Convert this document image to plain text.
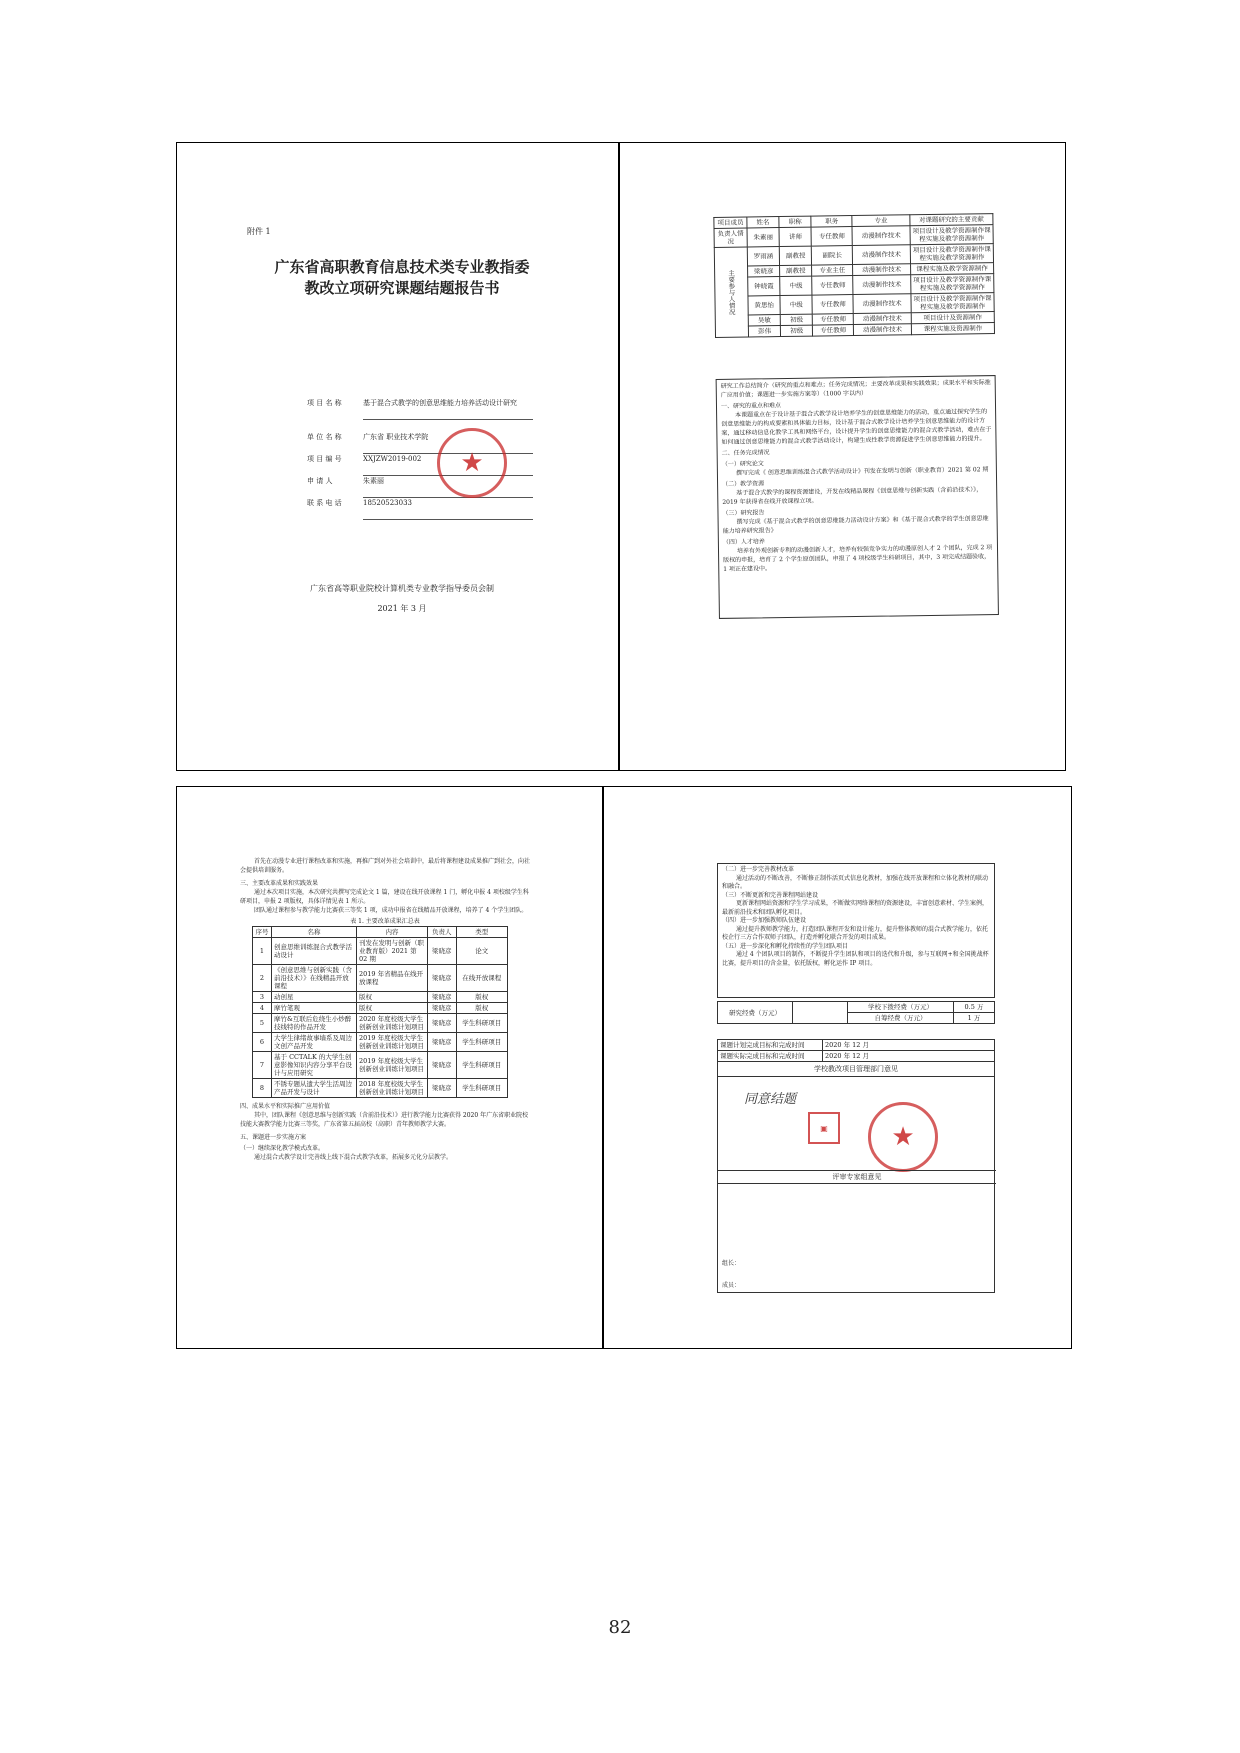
附件 1
广东省高职教育信息技术类专业教指委
教改立项研究课题结题报告书
项 目 名 称	基于混合式教学的创意思维能力培养活动设计研究
单 位 名 称	广东省 职业技术学院
项 目 编 号	XXJZW2019-002
申 请 人	朱素丽
联 系 电 话	18520523033
★
广东省高等职业院校计算机类专业教学指导委员会制
2021 年 3 月
项目成员	姓名	职称	职务	专业	对课题研究的主要贡献
负责人情况	朱素丽	讲师	专任教师	动漫制作技术	项目设计及教学资源制作课程实施及教学资源制作
主要参与人情况	罗雨涵	副教授	副院长	动漫制作技术	项目设计及教学资源制作课程实施及教学资源制作
	梁晓彦	副教授	专业主任	动漫制作技术	课程实施及教学资源制作
	钟晓霞	中级	专任教师	动漫制作技术	项目设计及教学资源制作课程实施及教学资源制作
	黄思怡	中级	专任教师	动漫制作技术	项目设计及教学资源制作课程实施及教学资源制作
	吴敏	初级	专任教师	动漫制作技术	项目设计及资源制作
	彭伟	初级	专任教师	动漫制作技术	课程实施及资源制作

研究工作总结简介（研究的重点和难点；任务完成情况；主要改革成果和实践效果；成果水平和实际推广应用价值；课题进一步实施方案等）（1000 字以内）

一、研究的重点和难点

本课题重点在于设计基于混合式教学设计培养学生的创意思维能力的活动，重点通过探究学生的创意思维能力的构成要素和具体能力目标，设计基于混合式教学设计培养学生创意思维能力的设计方案，通过移动信息化教学工具和网络平台，设计提升学生的创意思维能力的混合式教学活动，难点在于如何通过创意思维能力的混合式教学活动设计，构建生成性教学资源促进学生创意思维能力的提升。

二、任务完成情况

（一）研究论文

撰写完成《 创意思维训练混合式教学活动设计》刊发在发明与创新（职业教育）2021 第 02 期

（二）教学资源

基于混合式教学的课程资源建设，开发在线精品课程《创意思维与创新实践（含前沿技术）》，2019 年获得省在线开放课程立项。

（三）研究报告

撰写完成《基于混合式教学的创意思维能力活动设计方案》和《基于混合式教学的学生创意思维能力培养研究报告》

（四）人才培养

培养有外观创新专利的动漫创新人才，培养有较强竞争实力的动漫原创人才 2 个团队，完成 2 项版权的申报，培育了 2 个学生原创团队，申报了 4 项校级学生科研项目，其中，3 项完成结题验收，1 项正在建设中。

首先在动漫专业进行课程改革和实施，再推广到对外社会培训中，最后将课程建设成果推广到社会，向社会提供培训服务。

三、主要改革成果和实践效果

通过本次项目实施，本次研究共撰写完成论文 1 篇，建设在线开放课程 1 门，孵化申报 4 项校级学生科研项目，申报 2 项版权，具体详情见表 1 所示。

团队通过课程参与教学能力比赛获三等奖 1 项，成功申报省在线精品开放课程，培养了 4 个学生团队。

表 1. 主要改革成果汇总表
序号	名称	内容	负责人	类型
1	创意思维训练混合式教学活动设计	刊发在发明与创新（职业教育版）2021 第 02 期	梁晓彦	论文
2	《创意思维与创新实践（含前沿技术）》在线精品开放课程	2019 年省精品在线开放课程	梁晓彦	在线开放课程
3	动创星	版权	梁晓彦	版权
4	摩竹笔观	版权	梁晓彦	版权
5	摩竹&互联后危绕生小炒醉技线特的作品开发	2020 年度校级大学生创新创业训练计划项目	梁晓彦	学生科研项目
6	大学生律绪故事墙系及周边文创产品开发	2019 年度校级大学生创新创业训练计划项目	梁晓彦	学生科研项目
7	基于 CCTALK 的大学生创意影像知识内容分享平台设计与应用研究	2019 年度校级大学生创新创业训练计划项目	梁晓彦	学生科研项目
8	不锈专题从遗大学生活周边产品开发与设计	2018 年度校级大学生创新创业训练计划项目	梁晓彦	学生科研项目

四、成果水平和实际推广应用价值

其中，团队课程《创意思维与创新实践（含前沿技术）》进行教学能力比赛获得 2020 年广东省职业院校技能大赛教学能力比赛三等奖，广东省第五届高校（高职）青年教师教学大赛。

五、课题进一步实施方案

（一）继续深化教学模式改革。

通过混合式教学设计完善线上线下混合式教学改革，拓展多元化分层教学。

（二）进一步完善教材改革

通过活动的不断改善，不断修正制作活页式信息化教材，加强在线开放课程和立体化教材的联动和融合。

（三）不断更新和完善课程网站建设

更新课程网站资源和学生学习成果，不断做实网络课程的资源建设，丰富创意素材、学生案例，最新前沿技术和团队孵化项目。

（四）进一步加强教师队伍建设

通过提升教师教学能力，打造团队课程开发和设计能力，提升整体教师的混合式教学能力，依托校企行三方合作双师子团队，打造并孵化联合开发的项目成果。

（五）进一步深化和孵化持续性的学生团队项目

通过 4 个团队项目的制作，不断提升学生团队和项目的迭代和升级，参与互联网+和全国挑战杯比赛，提升项目的含金量，依托版权，孵化运作 IP 项目。

研究经费（万元）		学校下拨经费（万元）	0.5 万
		自筹经费（万元）	1 万
课题计划完成目标和完成时间	2020 年 12 月
课题实际完成目标和完成时间	2020 年 12 月
学校教改项目管理部门意见
同意结题
▣	★
评审专家组意见
组长：
成员：
82
